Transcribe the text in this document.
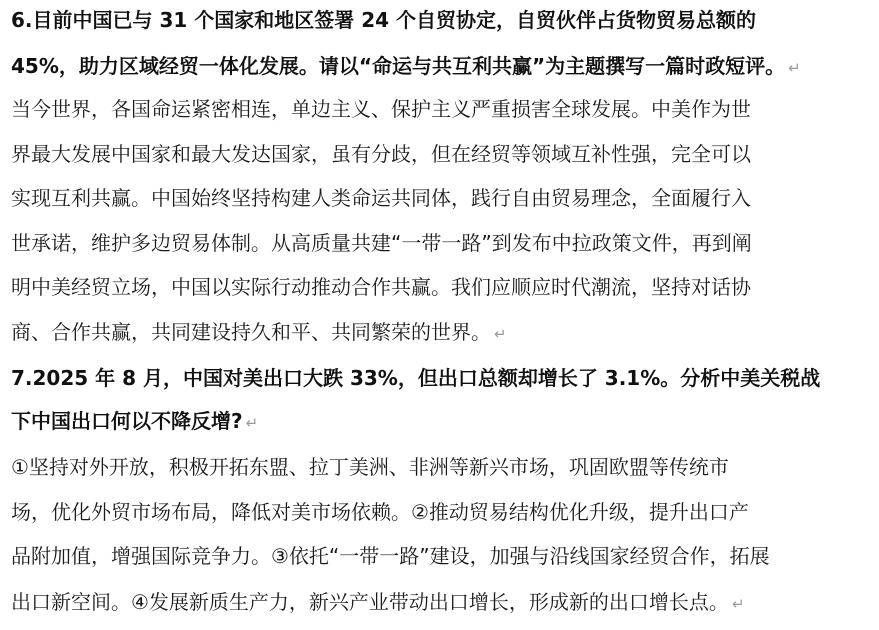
6.目前中国已与 31 个国家和地区签署 24 个自贸协定，自贸伙伴占货物贸易总额的
45%，助力区域经贸一体化发展。请以“命运与共互利共赢”为主题撰写一篇时政短评。 ↵
当今世界，各国命运紧密相连，单边主义、保护主义严重损害全球发展。中美作为世
界最大发展中国家和最大发达国家，虽有分歧，但在经贸等领域互补性强，完全可以
实现互利共赢。中国始终坚持构建人类命运共同体，践行自由贸易理念，全面履行入
世承诺，维护多边贸易体制。从高质量共建“一带一路”到发布中拉政策文件，再到阐
明中美经贸立场，中国以实际行动推动合作共赢。我们应顺应时代潮流，坚持对话协
商、合作共赢，共同建设持久和平、共同繁荣的世界。 ↵
7.2025 年 8 月，中国对美出口大跌 33%，但出口总额却增长了 3.1%。分析中美关税战
下中国出口何以不降反增? ↵
①坚持对外开放，积极开拓东盟、拉丁美洲、非洲等新兴市场，巩固欧盟等传统市
场，优化外贸市场布局，降低对美市场依赖。②推动贸易结构优化升级，提升出口产
品附加值，增强国际竞争力。③依托“一带一路”建设，加强与沿线国家经贸合作，拓展
出口新空间。④发展新质生产力，新兴产业带动出口增长，形成新的出口增长点。 ↵
